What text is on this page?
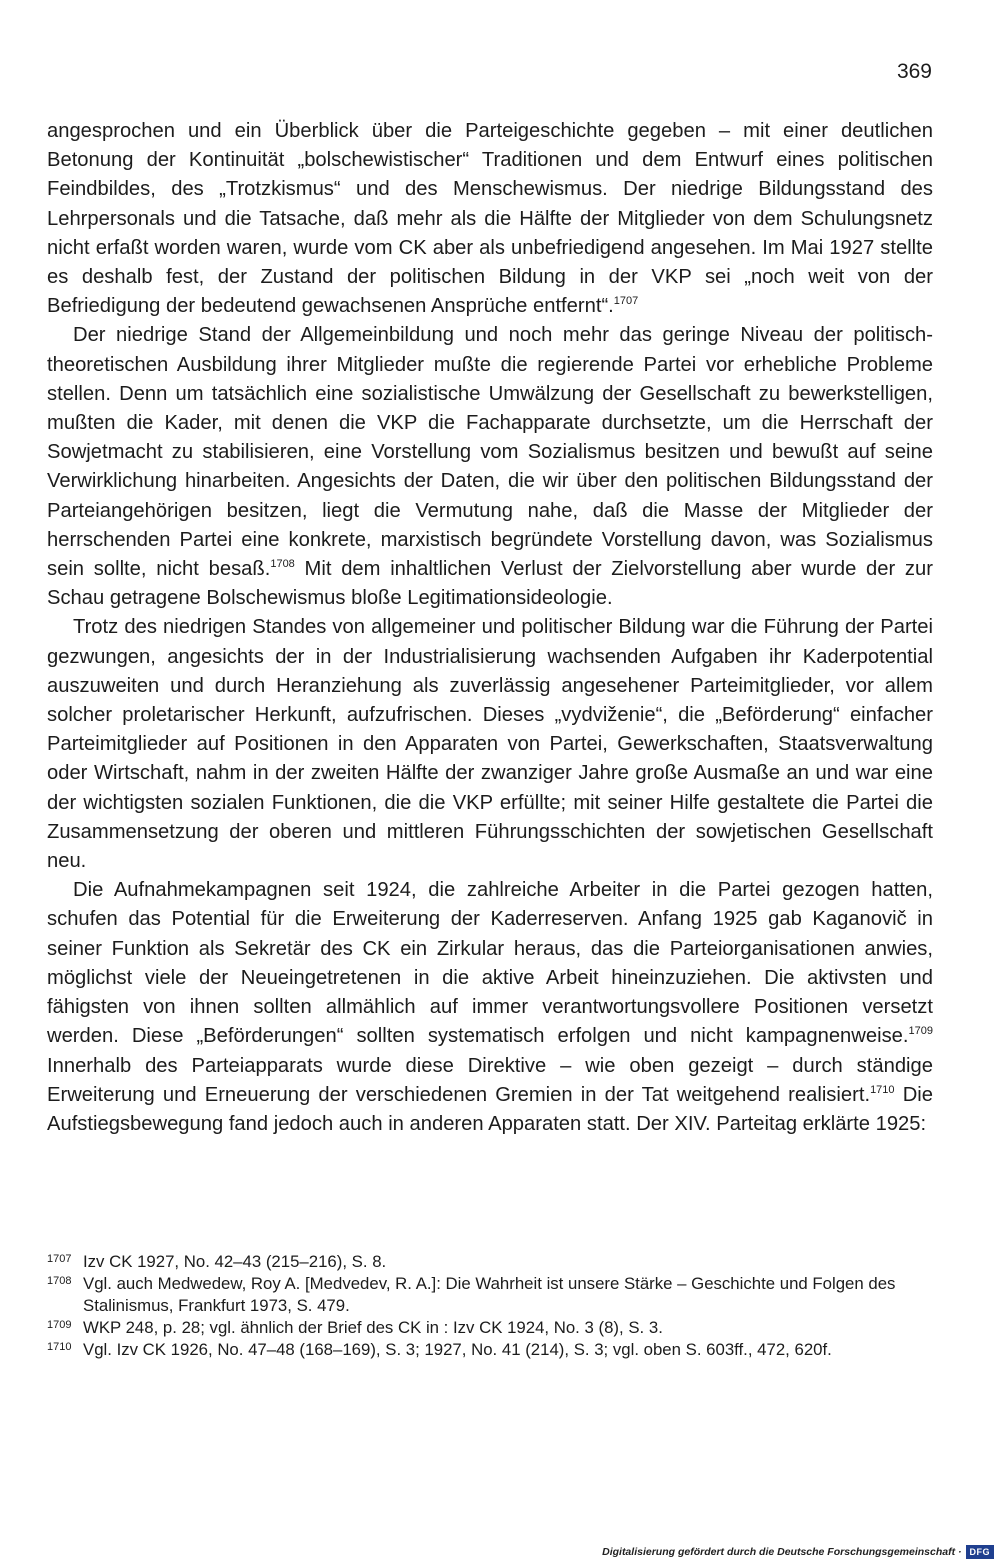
369

angesprochen und ein Überblick über die Parteigeschichte gegeben – mit einer deutlichen Betonung der Kontinuität „bolschewistischer“ Traditionen und dem Entwurf eines politischen Feindbildes, des „Trotzkismus“ und des Menschewismus. Der niedrige Bildungsstand des Lehrpersonals und die Tatsache, daß mehr als die Hälfte der Mitglieder von dem Schulungsnetz nicht erfaßt worden waren, wurde vom CK aber als unbefriedigend angesehen. Im Mai 1927 stellte es deshalb fest, der Zustand der politischen Bildung in der VKP sei „noch weit von der Befriedigung der bedeutend gewachsenen Ansprüche entfernt“.$^{1707}$

Der niedrige Stand der Allgemeinbildung und noch mehr das geringe Niveau der politisch-theoretischen Ausbildung ihrer Mitglieder mußte die regierende Partei vor erhebliche Probleme stellen. Denn um tatsächlich eine sozialistische Umwälzung der Gesellschaft zu bewerkstelligen, mußten die Kader, mit denen die VKP die Fachapparate durchsetzte, um die Herrschaft der Sowjetmacht zu stabilisieren, eine Vorstellung vom Sozialismus besitzen und bewußt auf seine Verwirklichung hinarbeiten. Angesichts der Daten, die wir über den politischen Bildungsstand der Parteiangehörigen besitzen, liegt die Vermutung nahe, daß die Masse der Mitglieder der herrschenden Partei eine konkrete, marxistisch begründete Vorstellung davon, was Sozialismus sein sollte, nicht besaß.$^{1708}$ Mit dem inhaltlichen Verlust der Zielvorstellung aber wurde der zur Schau getragene Bolschewismus bloße Legitimationsideologie.

Trotz des niedrigen Standes von allgemeiner und politischer Bildung war die Führung der Partei gezwungen, angesichts der in der Industrialisierung wachsenden Aufgaben ihr Kaderpotential auszuweiten und durch Heranziehung als zuverlässig angesehener Parteimitglieder, vor allem solcher proletarischer Herkunft, aufzufrischen. Dieses „vydviženie“, die „Beförderung“ einfacher Parteimitglieder auf Positionen in den Apparaten von Partei, Gewerkschaften, Staatsverwaltung oder Wirtschaft, nahm in der zweiten Hälfte der zwanziger Jahre große Ausmaße an und war eine der wichtigsten sozialen Funktionen, die die VKP erfüllte; mit seiner Hilfe gestaltete die Partei die Zusammensetzung der oberen und mittleren Führungsschichten der sowjetischen Gesellschaft neu.

Die Aufnahmekampagnen seit 1924, die zahlreiche Arbeiter in die Partei gezogen hatten, schufen das Potential für die Erweiterung der Kaderreserven. Anfang 1925 gab Kaganovič in seiner Funktion als Sekretär des CK ein Zirkular heraus, das die Parteiorganisationen anwies, möglichst viele der Neueingetretenen in die aktive Arbeit hineinzuziehen. Die aktivsten und fähigsten von ihnen sollten allmählich auf immer verantwortungsvollere Positionen versetzt werden. Diese „Beförderungen“ sollten systematisch erfolgen und nicht kampagnenweise.$^{1709}$ Innerhalb des Parteiapparats wurde diese Direktive – wie oben gezeigt – durch ständige Erweiterung und Erneuerung der verschiedenen Gremien in der Tat weitgehend realisiert.$^{1710}$ Die Aufstiegsbewegung fand jedoch auch in anderen Apparaten statt. Der XIV. Parteitag erklärte 1925:

1707 Izv CK 1927, No. 42–43 (215–216), S. 8.
1708 Vgl. auch Medwedew, Roy A. [Medvedev, R. A.]: Die Wahrheit ist unsere Stärke – Geschichte und Folgen des Stalinismus, Frankfurt 1973, S. 479.
1709 WKP 248, p. 28; vgl. ähnlich der Brief des CK in : Izv CK 1924, No. 3 (8), S. 3.
1710 Vgl. Izv CK 1926, No. 47–48 (168–169), S. 3; 1927, No. 41 (214), S. 3; vgl. oben S. 603ff., 472, 620f.
Digitalisierung gefördert durch die Deutsche Forschungsgemeinschaft · DFG
